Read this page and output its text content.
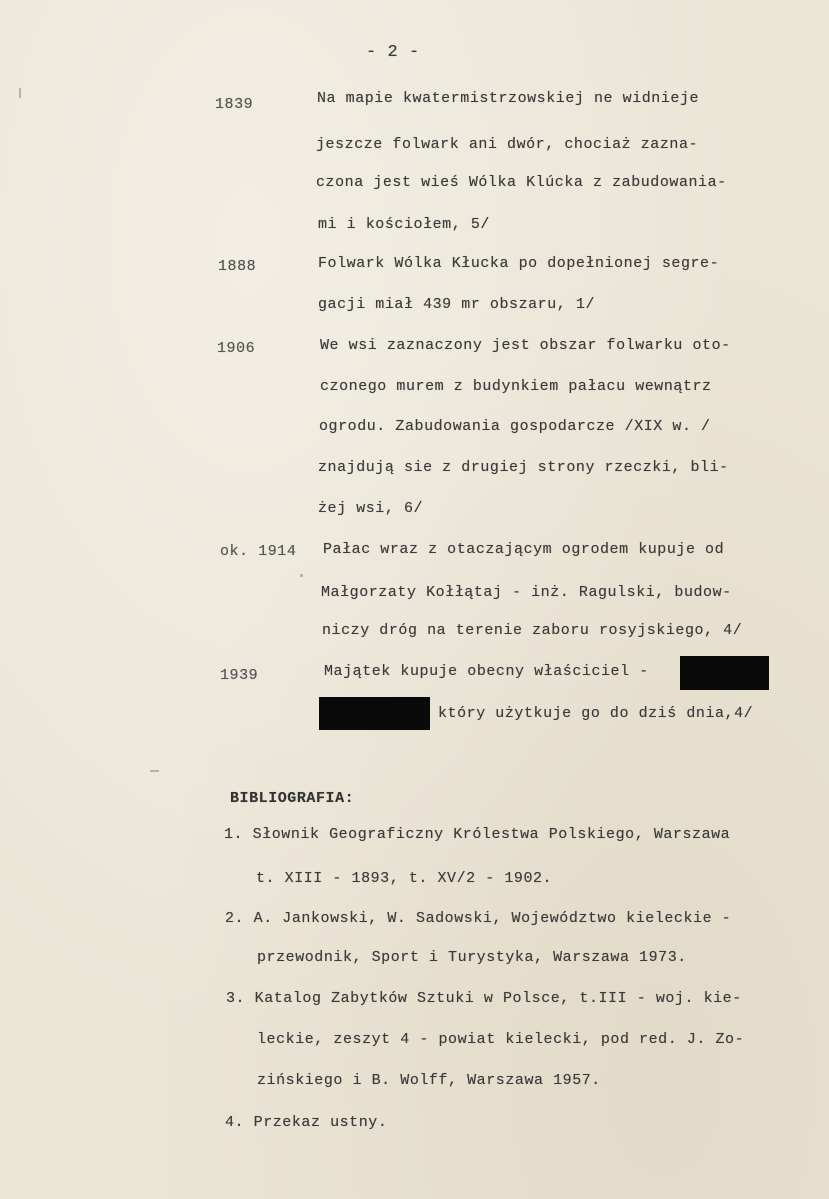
- 2 -
1839	Na mapie kwatermistrzowskiej ne widnieje
jeszcze folwark ani dwór, chociaż zazna-
czona jest wieś Wólka Klúcka z zabudowania-
mi i kościołem, 5/
1888	Folwark Wólka Kłucka po dopełnionej segre-
gacji miał 439 mr obszaru, 1/
1906	We wsi zaznaczony jest obszar folwarku oto-
czonego murem z budynkiem pałacu wewnątrz
ogrodu. Zabudowania gospodarcze /XIX w. /
znajdują sie z drugiej strony rzeczki, bli-
żej wsi, 6/
ok. 1914 Pałac wraz z otaczającym ogrodem kupuje od
Małgorzaty Kołłątaj - inż. Ragulski, budow-
niczy dróg na terenie zaboru rosyjskiego, 4/
1939	Majątek kupuje obecny właściciel -
który użytkuje go do dziś dnia,4/
BIBLIOGRAFIA:
1. Słownik Geograficzny Królestwa Polskiego, Warszawa
t. XIII - 1893, t. XV/2 - 1902.
2. A. Jankowski, W. Sadowski, Województwo kieleckie -
przewodnik, Sport i Turystyka, Warszawa 1973.
3. Katalog Zabytków Sztuki w Polsce, t.III - woj. kie-
leckie, zeszyt 4 - powiat kielecki, pod red. J. Zo-
zińskiego i B. Wolff, Warszawa 1957.
4. Przekaz ustny.
